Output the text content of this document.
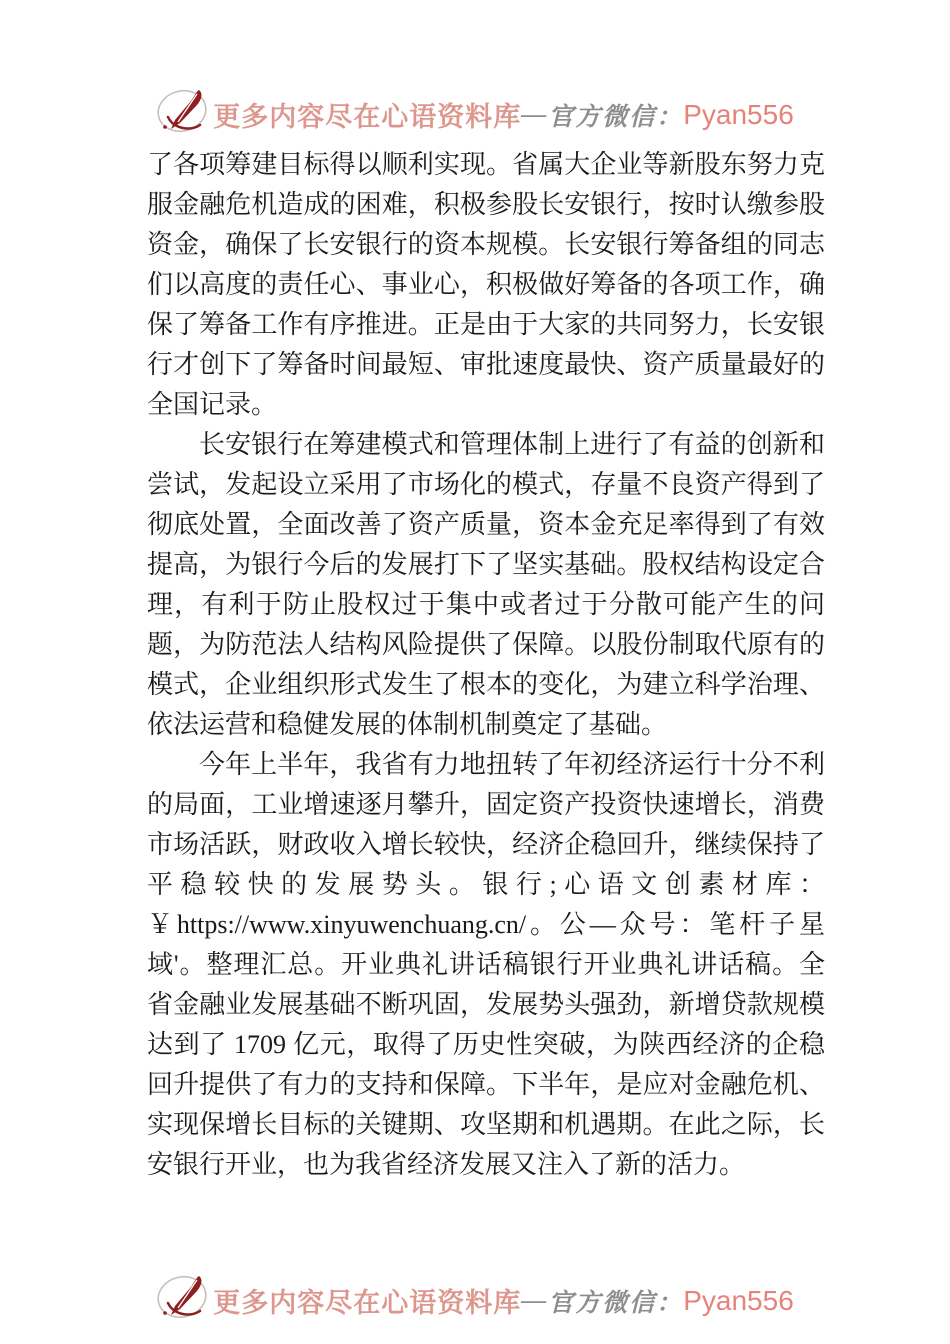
更多内容尽在心语资料库 — 官方微信： Pyan556

了各项筹建目标得以顺利实现。省属大企业等新股东努力克服金融危机造成的困难，积极参股长安银行，按时认缴参股资金，确保了长安银行的资本规模。长安银行筹备组的同志们以高度的责任心、事业心，积极做好筹备的各项工作，确保了筹备工作有序推进。正是由于大家的共同努力，长安银行才创下了筹备时间最短、审批速度最快、资产质量最好的全国记录。

长安银行在筹建模式和管理体制上进行了有益的创新和尝试，发起设立采用了市场化的模式，存量不良资产得到了彻底处置，全面改善了资产质量，资本金充足率得到了有效提高，为银行今后的发展打下了坚实基础。股权结构设定合理，有利于防止股权过于集中或者过于分散可能产生的问题，为防范法人结构风险提供了保障。以股份制取代原有的模式，企业组织形式发生了根本的变化，为建立科学治理、 依法运营和稳健发展的体制机制奠定了基础。

今年上半年，我省有力地扭转了年初经济运行十分不利的局面，工业增速逐月攀升，固定资产投资快速增长，消费市场活跃，财政收入增长较快，经济企稳回升，继续保持了平稳较快的发展势头。银行;心语文创素材库： ￥https://www.xinyuwenchuang.cn/。公—众号：笔杆子星域'。整理汇总。开业典礼讲话稿银行开业典礼讲话稿。全省金融业发展基础不断巩固，发展势头强劲，新增贷款规模达到了 1709 亿元，取得了历史性突破，为陕西经济的企稳回升提供了有力的支持和保障。下半年，是应对金融危机、实现保增长目标的关键期、攻坚期和机遇期。在此之际，长安银行开业，也为我省经济发展又注入了新的活力。

更多内容尽在心语资料库 — 官方微信： Pyan556
